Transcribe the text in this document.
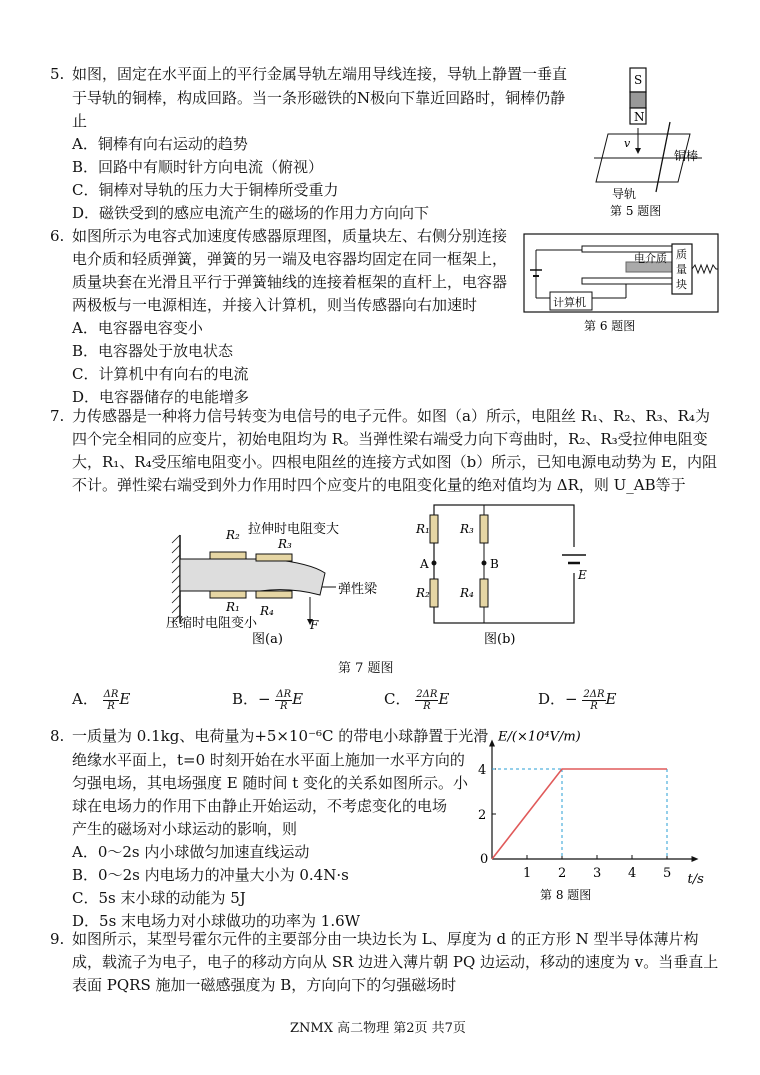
5. 如图，固定在水平面上的平行金属导轨左端用导线连接，导轨上静置一垂直
于导轨的铜棒，构成回路。当一条形磁铁的N极向下靠近回路时，铜棒仍静
止
A．铜棒有向右运动的趋势
B．回路中有顺时针方向电流（俯视）
C．铜棒对导轨的压力大于铜棒所受重力
D．磁铁受到的感应电流产生的磁场的作用力方向向下
S
N
v
铜棒
导轨
第 5 题图
6. 如图所示为电容式加速度传感器原理图，质量块左、右侧分别连接
电介质和轻质弹簧，弹簧的另一端及电容器均固定在同一框架上，
质量块套在光滑且平行于弹簧轴线的连接着框架的直杆上，电容器
两极板与一电源相连，并接入计算机，则当传感器向右加速时
A．电容器电容变小
B．电容器处于放电状态
C．计算机中有向右的电流
D．电容器储存的电能增多
电介质 质
量
块
计算机
第 6 题图
7. 力传感器是一种将力信号转变为电信号的电子元件。如图（a）所示，电阻丝 R₁、R₂、R₃、R₄为
四个完全相同的应变片，初始电阻均为 R。当弹性梁右端受力向下弯曲时，R₂、R₃受拉伸电阻变
大，R₁、R₄受压缩电阻变小。四根电阻丝的连接方式如图（b）所示，已知电源电动势为 E，内阻
不计。弹性梁右端受到外力作用时四个应变片的电阻变化量的绝对值均为 ΔR，则 U_AB等于
R₂
R₃
R₁ R₄
拉伸时电阻变大
弹性梁
压缩时电阻变小	F
图(a)
R₁
R₂
R₃
R₄
A	B
E
图(b)
第 7 题图
A． $\frac{\Delta R}{R}$ E	B．− $\frac{\Delta R}{R}$ E	C． $\frac{2\Delta R}{R}$ E	D．− $\frac{2\Delta R}{R}$ E
8. 一质量为 0.1kg、电荷量为+5×10⁻⁶C 的带电小球静置于光滑
绝缘水平面上，t=0 时刻开始在水平面上施加一水平方向的
匀强电场，其电场强度 E 随时间 t 变化的关系如图所示。小
球在电场力的作用下由静止开始运动，不考虑变化的电场
产生的磁场对小球运动的影响，则
A．0～2s 内小球做匀加速直线运动
B．0～2s 内电场力的冲量大小为 0.4N·s
C．5s 末小球的动能为 5J
D．5s 末电场力对小球做功的功率为 1.6W
E/(×10⁴V/m)
t/s
0
1 2 3 4 5
2
4
第 8 题图
9. 如图所示，某型号霍尔元件的主要部分由一块边长为 L、厚度为 d 的正方形 N 型半导体薄片构
成，载流子为电子，电子的移动方向从 SR 边进入薄片朝 PQ 边运动，移动的速度为 v。当垂直上
表面 PQRS 施加一磁感强度为 B，方向向下的匀强磁场时
ZNMX 高二物理 第2页 共7页
